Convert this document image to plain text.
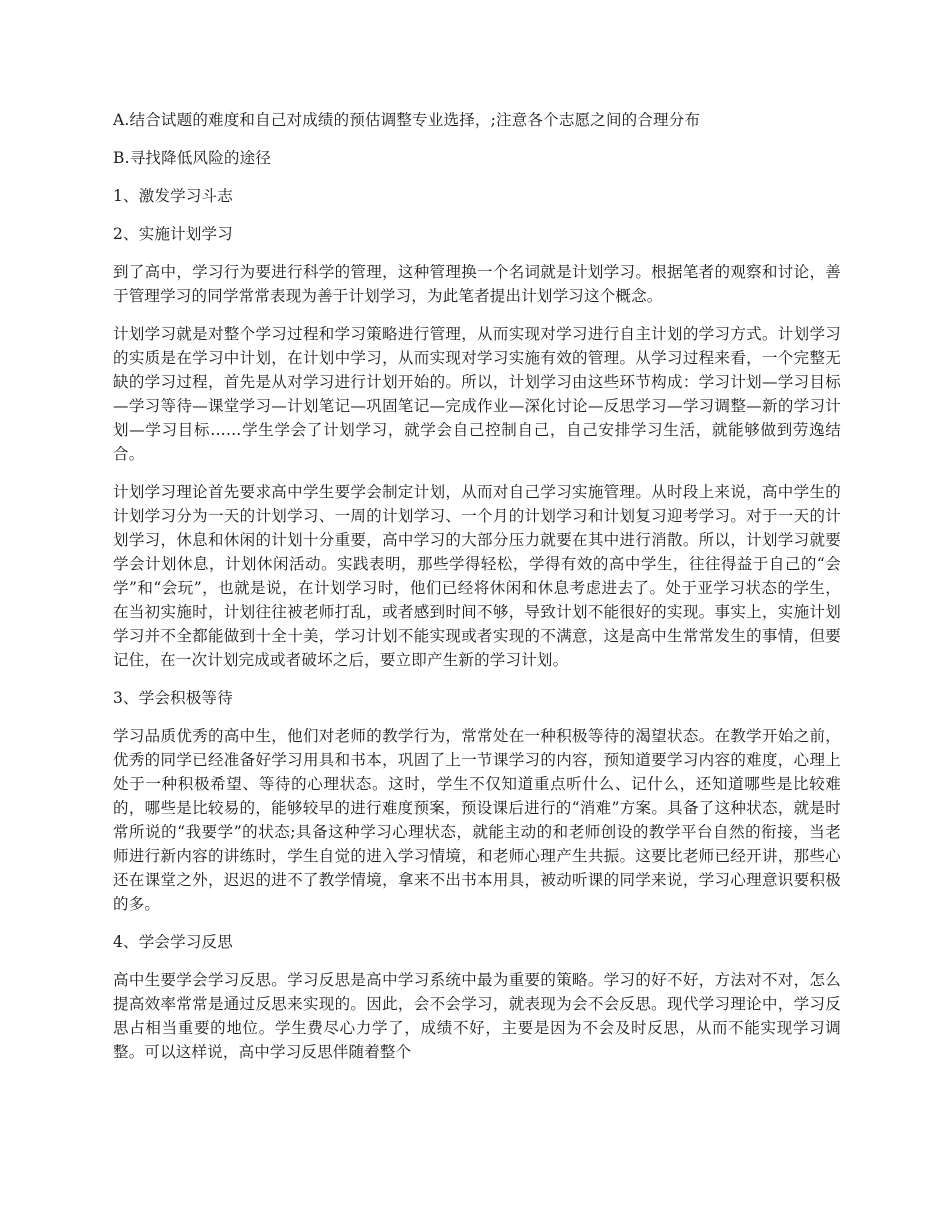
A.结合试题的难度和自己对成绩的预估调整专业选择，;注意各个志愿之间的合理分布

B.寻找降低风险的途径

1、激发学习斗志

2、实施计划学习

到了高中，学习行为要进行科学的管理，这种管理换一个名词就是计划学习。根据笔者的观察和讨论，善于管理学习的同学常常表现为善于计划学习，为此笔者提出计划学习这个概念。

计划学习就是对整个学习过程和学习策略进行管理，从而实现对学习进行自主计划的学习方式。计划学习的实质是在学习中计划，在计划中学习，从而实现对学习实施有效的管理。从学习过程来看，一个完整无缺的学习过程，首先是从对学习进行计划开始的。所以，计划学习由这些环节构成：学习计划—学习目标—学习等待—课堂学习—计划笔记—巩固笔记—完成作业—深化讨论—反思学习—学习调整—新的学习计划—学习目标……学生学会了计划学习，就学会自己控制自己，自己安排学习生活，就能够做到劳逸结合。

计划学习理论首先要求高中学生要学会制定计划，从而对自己学习实施管理。从时段上来说，高中学生的计划学习分为一天的计划学习、一周的计划学习、一个月的计划学习和计划复习迎考学习。对于一天的计划学习，休息和休闲的计划十分重要，高中学习的大部分压力就要在其中进行消散。所以，计划学习就要学会计划休息，计划休闲活动。实践表明，那些学得轻松，学得有效的高中学生，往往得益于自己的“会学”和“会玩”，也就是说，在计划学习时，他们已经将休闲和休息考虑进去了。处于亚学习状态的学生，在当初实施时，计划往往被老师打乱，或者感到时间不够，导致计划不能很好的实现。事实上，实施计划学习并不全都能做到十全十美，学习计划不能实现或者实现的不满意，这是高中生常常发生的事情，但要记住，在一次计划完成或者破坏之后，要立即产生新的学习计划。

3、学会积极等待

学习品质优秀的高中生，他们对老师的教学行为，常常处在一种积极等待的渴望状态。在教学开始之前，优秀的同学已经准备好学习用具和书本，巩固了上一节课学习的内容，预知道要学习内容的难度，心理上处于一种积极希望、等待的心理状态。这时，学生不仅知道重点听什么、记什么，还知道哪些是比较难的，哪些是比较易的，能够较早的进行难度预案，预设课后进行的“消难”方案。具备了这种状态，就是时常所说的“我要学”的状态;具备这种学习心理状态，就能主动的和老师创设的教学平台自然的衔接，当老师进行新内容的讲练时，学生自觉的进入学习情境，和老师心理产生共振。这要比老师已经开讲，那些心还在课堂之外，迟迟的进不了教学情境，拿来不出书本用具，被动听课的同学来说，学习心理意识要积极的多。

4、学会学习反思

高中生要学会学习反思。学习反思是高中学习系统中最为重要的策略。学习的好不好，方法对不对，怎么提高效率常常是通过反思来实现的。因此，会不会学习，就表现为会不会反思。现代学习理论中，学习反思占相当重要的地位。学生费尽心力学了，成绩不好，主要是因为不会及时反思，从而不能实现学习调整。可以这样说，高中学习反思伴随着整个
